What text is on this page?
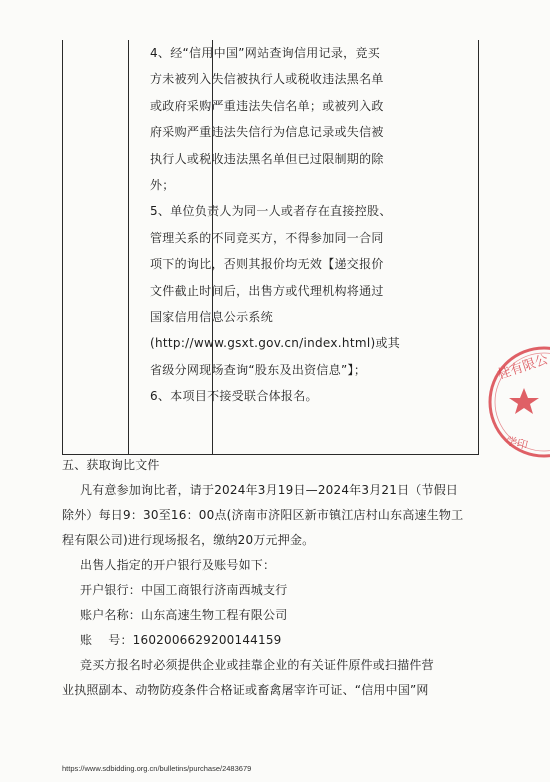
4、经“信用中国”网站查询信用记录，竞买

方未被列入失信被执行人或税收违法黑名单

或政府采购严重违法失信名单；或被列入政

府采购严重违法失信行为信息记录或失信被

执行人或税收违法黑名单但已过限制期的除

外；

5、单位负责人为同一人或者存在直接控股、

管理关系的不同竞买方，不得参加同一合同

项下的询比，否则其报价均无效【递交报价

文件截止时间后，出售方或代理机构将通过

国家信用信息公示系统

(http://www.gsxt.gov.cn/index.html)或其

省级分网现场查询“股东及出资信息”】；

6、本项目不接受联合体报名。

五、获取询比文件

凡有意参加询比者，请于2024年3月19日—2024年3月21日（节假日

除外）每日9：30至16：00点(济南市济阳区新市镇江店村山东高速生物工

程有限公司)进行现场报名，缴纳20万元押金。

出售人指定的开户银行及账号如下：

开户银行：中国工商银行济南西城支行

账户名称：山东高速生物工程有限公司

账    号：1602006629200144159

竞买方报名时必须提供企业或挂靠企业的有关证件原件或扫描件营

业执照副本、动物防疫条件合格证或畜禽屠宰许可证、“信用中国”网

https://www.sdbidding.org.cn/bulletins/purchase/2483679
桂有限公
学印
